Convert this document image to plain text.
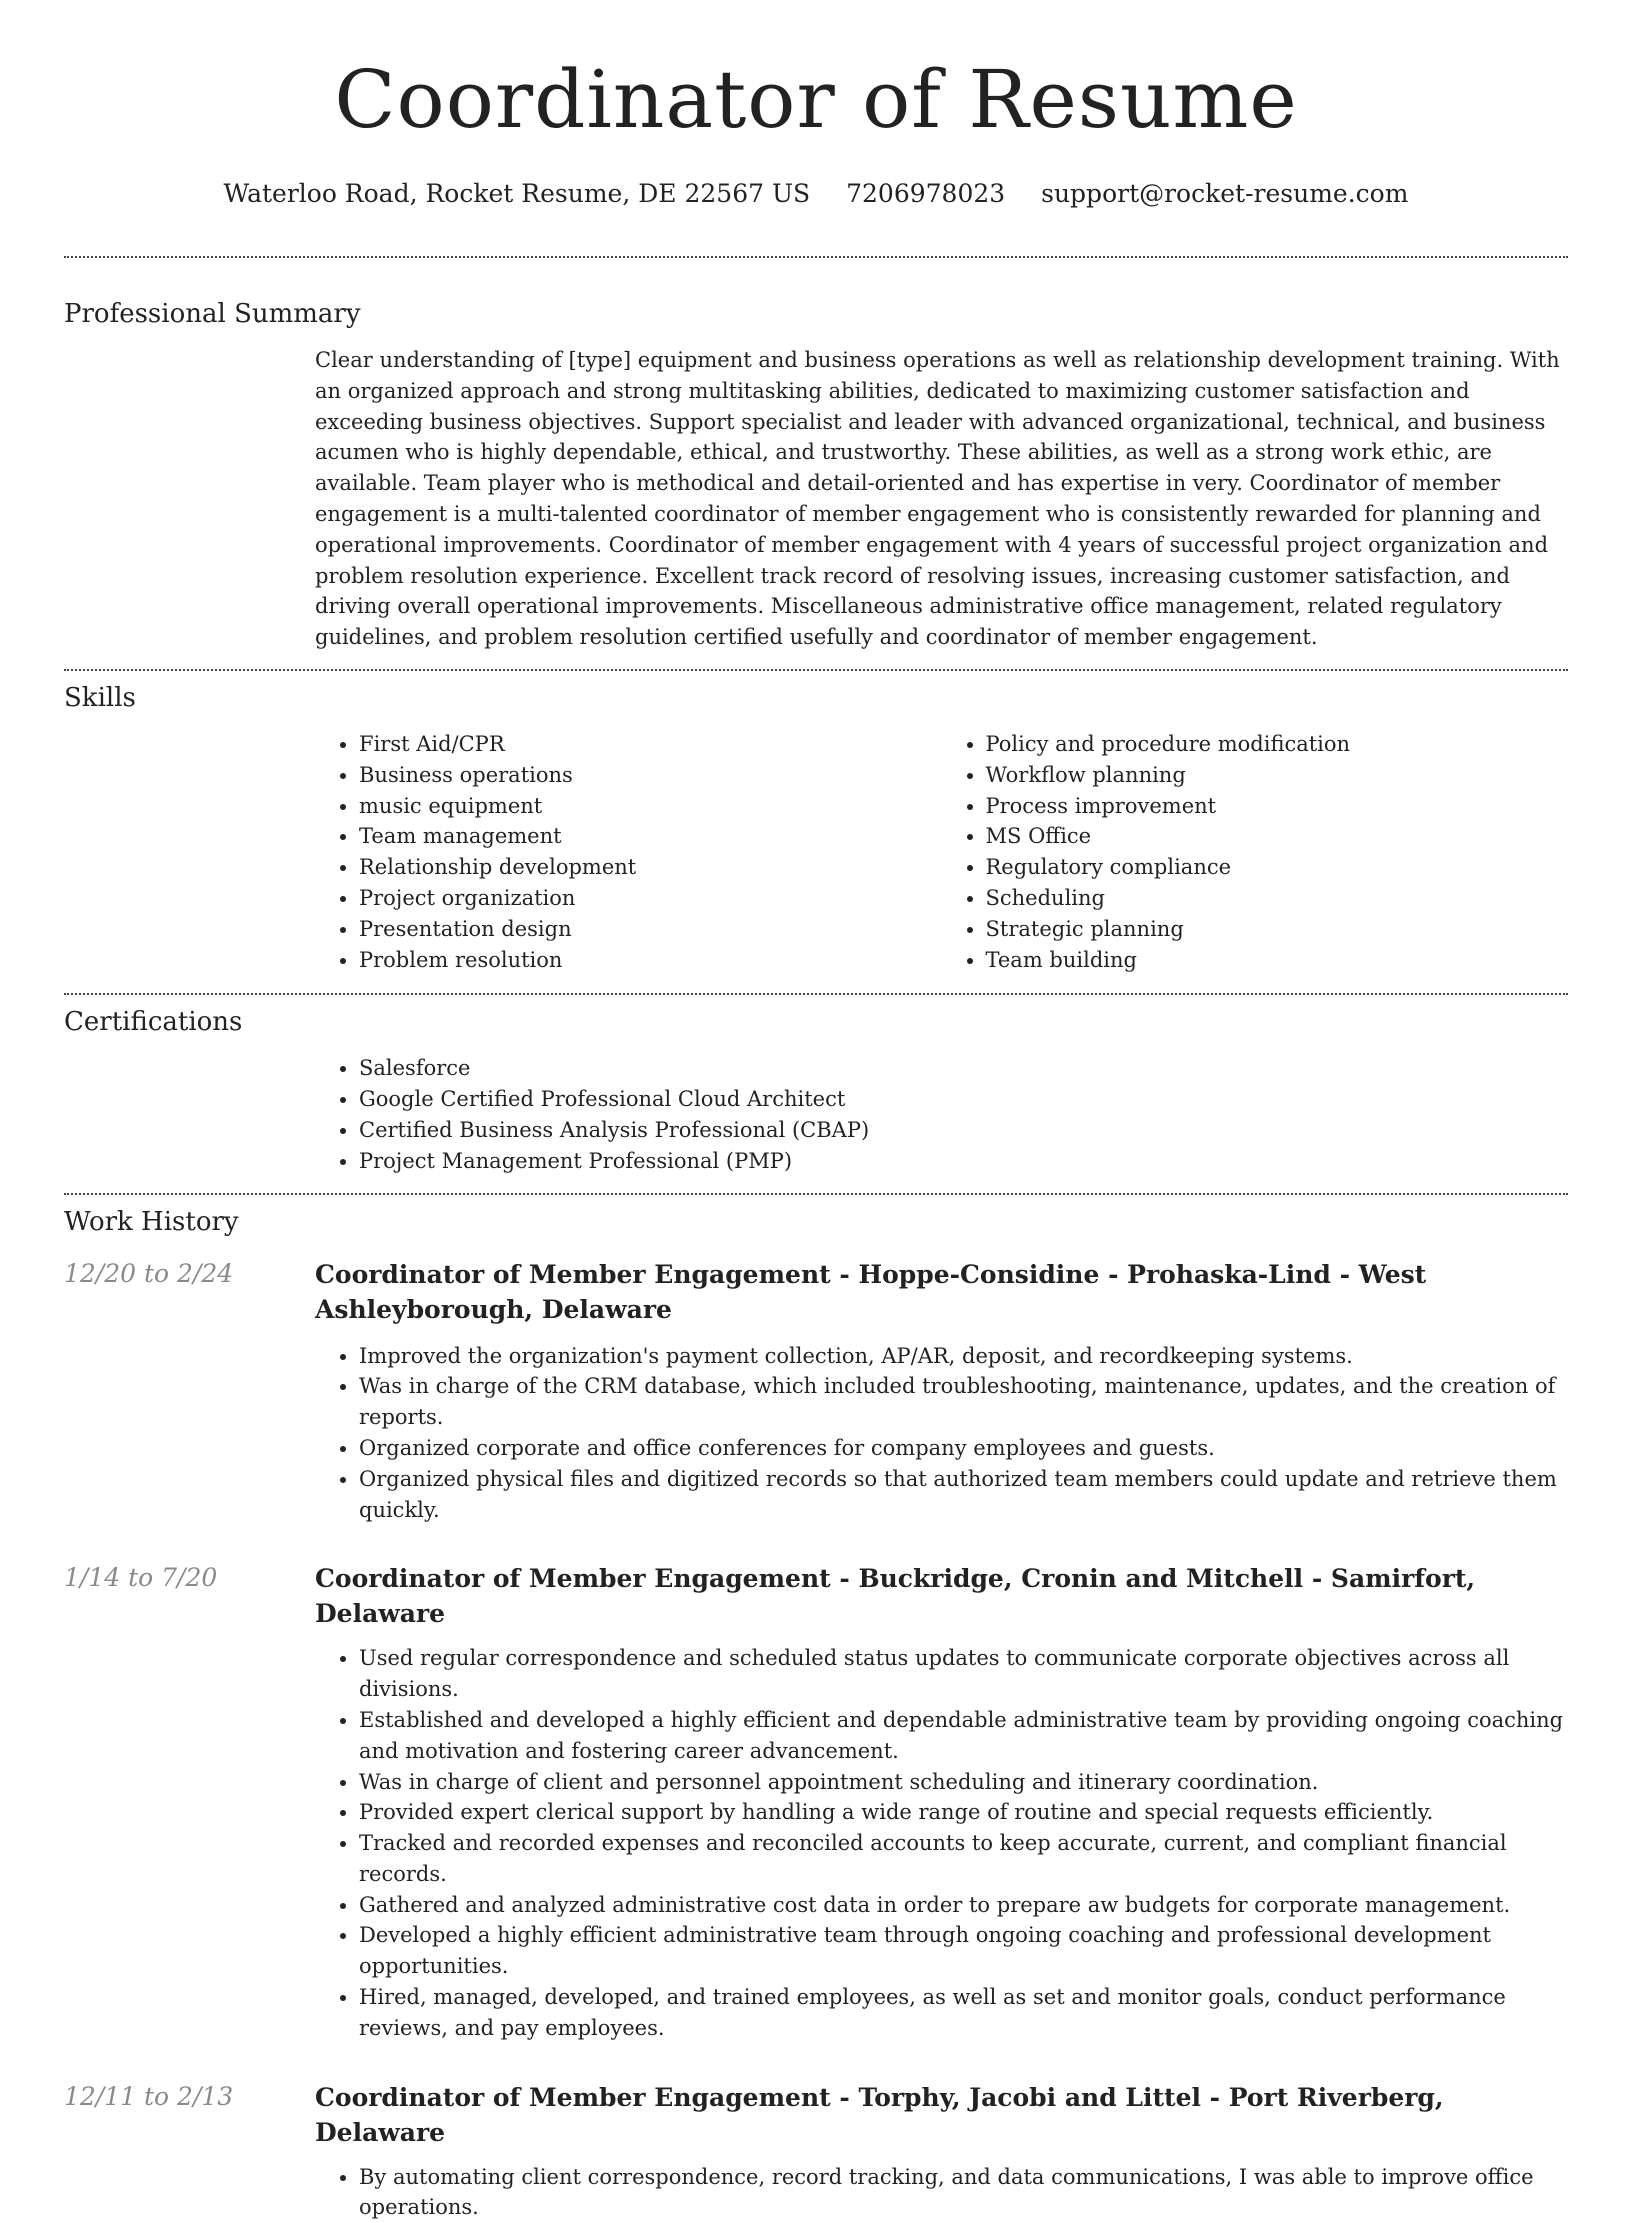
Coordinator of Resume
Waterloo Road, Rocket Resume, DE 22567 US 7206978023 support@rocket-resume.com
Professional Summary

Clear understanding of [type] equipment and business operations as well as relationship development training. With an organized approach and strong multitasking abilities, dedicated to maximizing customer satisfaction and exceeding business objectives. Support specialist and leader with advanced organizational, technical, and business acumen who is highly dependable, ethical, and trustworthy. These abilities, as well as a strong work ethic, are available. Team player who is methodical and detail-oriented and has expertise in very. Coordinator of member engagement is a multi-talented coordinator of member engagement who is consistently rewarded for planning and operational improvements. Coordinator of member engagement with 4 years of successful project organization and problem resolution experience. Excellent track record of resolving issues, increasing customer satisfaction, and driving overall operational improvements. Miscellaneous administrative office management, related regulatory guidelines, and problem resolution certified usefully and coordinator of member engagement.

Skills
• First Aid/CPR
• Business operations
• music equipment
• Team management
• Relationship development
• Project organization
• Presentation design
• Problem resolution
• Policy and procedure modification
• Workflow planning
• Process improvement
• MS Office
• Regulatory compliance
• Scheduling
• Strategic planning
• Team building
Certifications
• Salesforce
• Google Certified Professional Cloud Architect
• Certified Business Analysis Professional (CBAP)
• Project Management Professional (PMP)
Work History
12/20 to 2/24	Coordinator of Member Engagement - Hoppe-Considine - Prohaska-Lind - West Ashleyborough, Delaware
• Improved the organization's payment collection, AP/AR, deposit, and recordkeeping systems.
• Was in charge of the CRM database, which included troubleshooting, maintenance, updates, and the creation of reports.
• Organized corporate and office conferences for company employees and guests.
• Organized physical files and digitized records so that authorized team members could update and retrieve them quickly.
1/14 to 7/20	Coordinator of Member Engagement - Buckridge, Cronin and Mitchell - Samirfort, Delaware
• Used regular correspondence and scheduled status updates to communicate corporate objectives across all divisions.
• Established and developed a highly efficient and dependable administrative team by providing ongoing coaching and motivation and fostering career advancement.
• Was in charge of client and personnel appointment scheduling and itinerary coordination.
• Provided expert clerical support by handling a wide range of routine and special requests efficiently.
• Tracked and recorded expenses and reconciled accounts to keep accurate, current, and compliant financial records.
• Gathered and analyzed administrative cost data in order to prepare aw budgets for corporate management.
• Developed a highly efficient administrative team through ongoing coaching and professional development opportunities.
• Hired, managed, developed, and trained employees, as well as set and monitor goals, conduct performance reviews, and pay employees.
12/11 to 2/13	Coordinator of Member Engagement - Torphy, Jacobi and Littel - Port Riverberg, Delaware
• By automating client correspondence, record tracking, and data communications, I was able to improve office operations.
